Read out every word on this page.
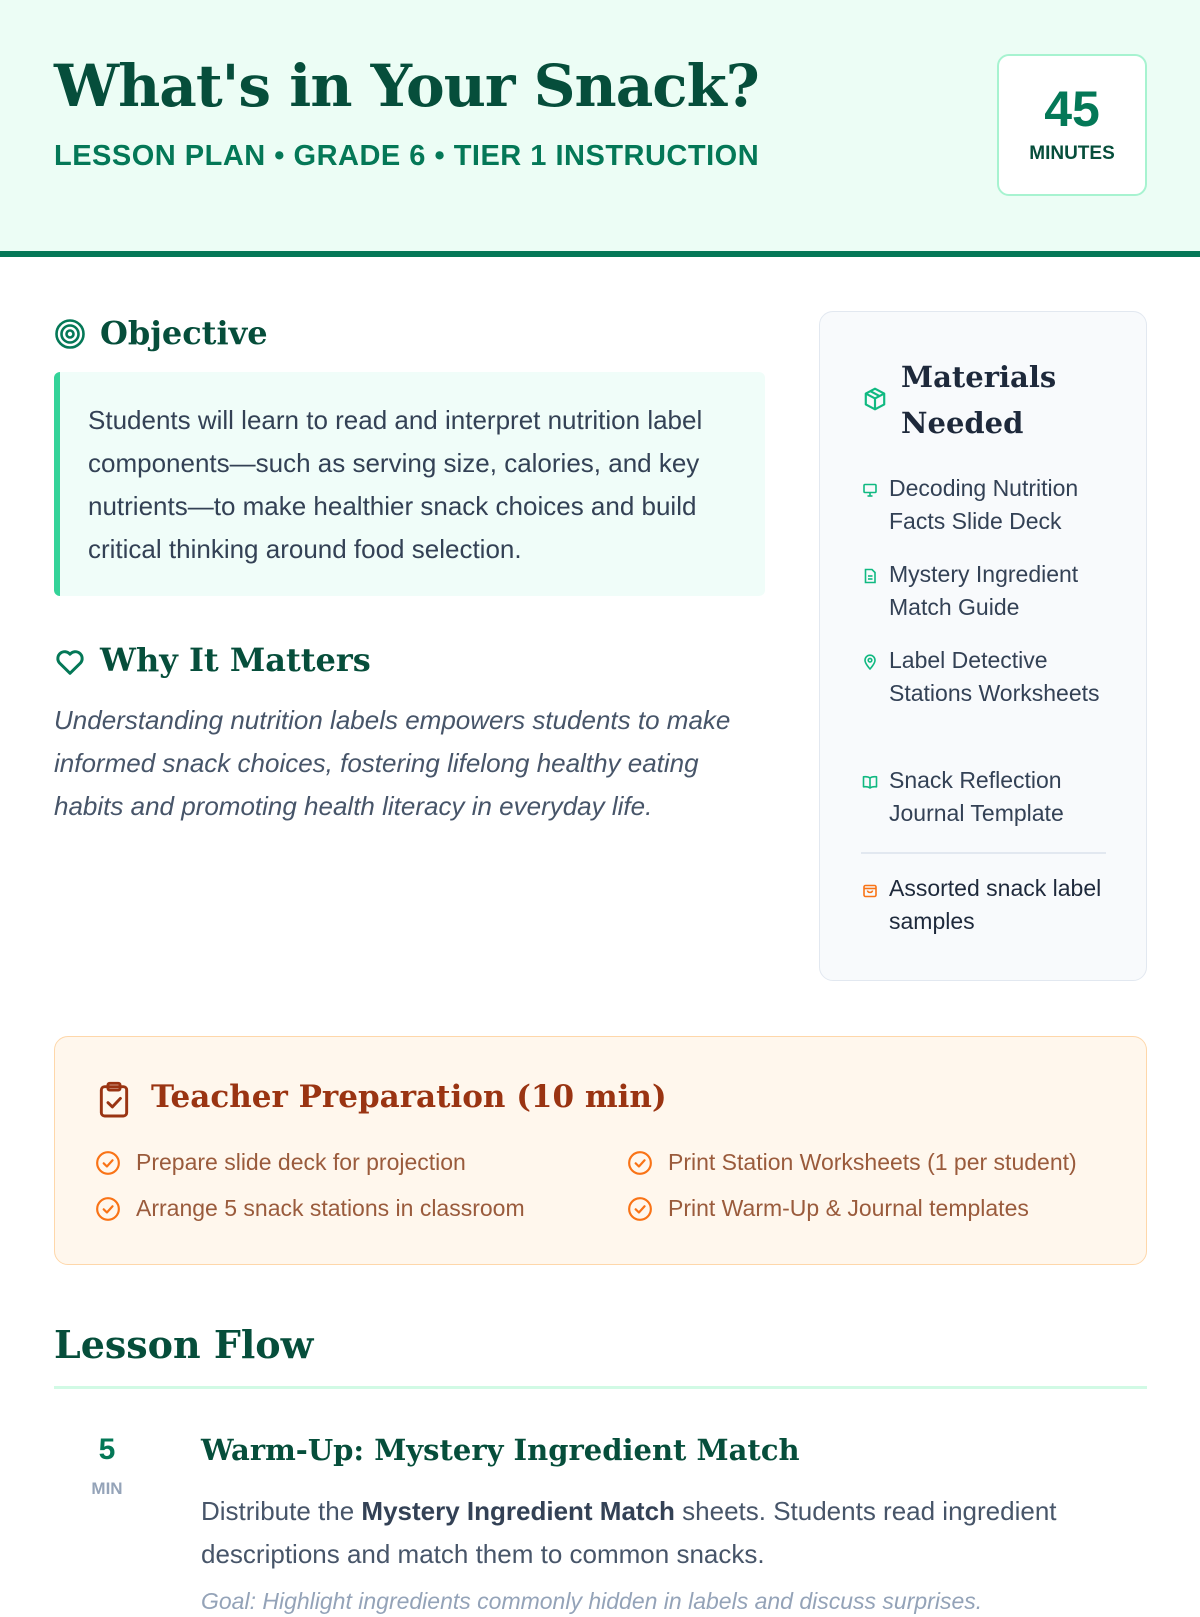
What's in Your Snack?
LESSON PLAN • GRADE 6 • TIER 1 INSTRUCTION
45
MINUTES
Objective
Students will learn to read and interpret nutrition label components—such as serving size, calories, and key nutrients—to make healthier snack choices and build critical thinking around food selection.
Why It Matters

Understanding nutrition labels empowers students to make informed snack choices, fostering lifelong healthy eating habits and promoting health literacy in everyday life.

Materials Needed
Decoding Nutrition Facts Slide Deck
Mystery Ingredient Match Guide
Label Detective Stations Worksheets
Snack Reflection Journal Template
Assorted snack label samples
Teacher Preparation (10 min)
Prepare slide deck for projection	Print Station Worksheets (1 per student)
Arrange 5 snack stations in classroom	Print Warm-Up & Journal templates
Lesson Flow
5
MIN
Warm-Up: Mystery Ingredient Match

Distribute the Mystery Ingredient Match sheets. Students read ingredient descriptions and match them to common snacks.

Goal: Highlight ingredients commonly hidden in labels and discuss surprises.
